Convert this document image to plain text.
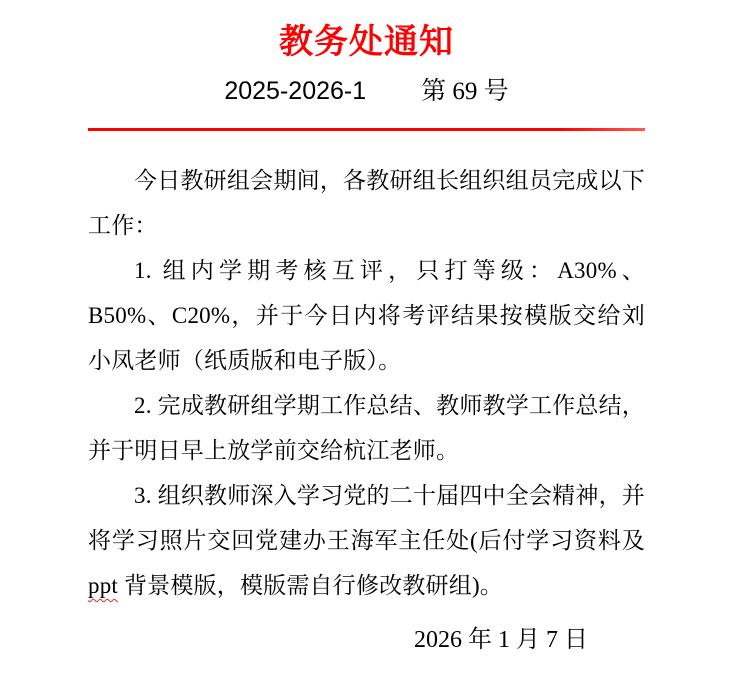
教务处通知
2025-2026-1 第 69 号

今日教研组会期间，各教研组长组织组员完成以下工作：

1. 组内学期考核互评，只打等级：A30%、B50%、C20%，并于今日内将考评结果按模版交给刘小凤老师（纸质版和电子版）。

2. 完成教研组学期工作总结、教师教学工作总结，并于明日早上放学前交给杭江老师。

3. 组织教师深入学习党的二十届四中全会精神，并将学习照片交回党建办王海军主任处(后付学习资料及 ppt 背景模版，模版需自行修改教研组)。

2026 年 1 月 7 日
